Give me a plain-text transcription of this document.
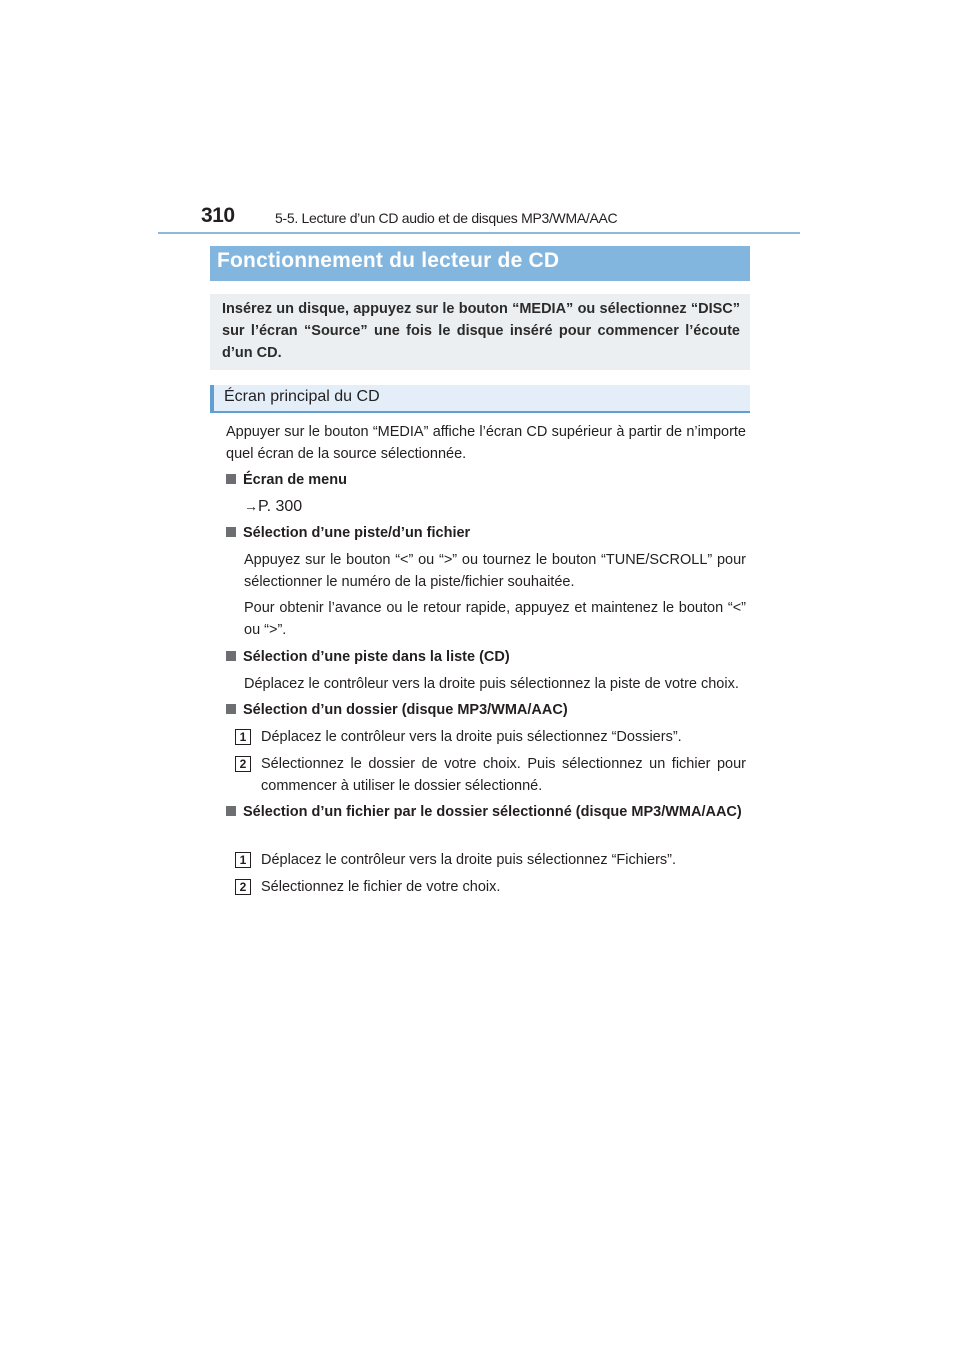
310	5-5. Lecture d’un CD audio et de disques MP3/WMA/AAC
Fonctionnement du lecteur de CD
Insérez un disque, appuyez sur le bouton “MEDIA” ou sélectionnez “DISC” sur l’écran “Source” une fois le disque inséré pour commencer l’écoute d’un CD.
Écran principal du CD
Appuyer sur le bouton “MEDIA” affiche l’écran CD supérieur à partir de n’importe quel écran de la source sélectionnée.
Écran de menu
→P. 300
Sélection d’une piste/d’un fichier
Appuyez sur le bouton “<” ou “>” ou tournez le bouton “TUNE/SCROLL” pour sélectionner le numéro de la piste/fichier souhaitée.
Pour obtenir l’avance ou le retour rapide, appuyez et maintenez le bouton “<” ou “>”.
Sélection d’une piste dans la liste (CD)
Déplacez le contrôleur vers la droite puis sélectionnez la piste de votre choix.
Sélection d’un dossier (disque MP3/WMA/AAC)
1	Déplacez le contrôleur vers la droite puis sélectionnez “Dossiers”.
2	Sélectionnez le dossier de votre choix. Puis sélectionnez un fichier pour commencer à utiliser le dossier sélectionné.
Sélection d’un fichier par le dossier sélectionné (disque MP3/WMA/AAC)
1	Déplacez le contrôleur vers la droite puis sélectionnez “Fichiers”.
2	Sélectionnez le fichier de votre choix.
